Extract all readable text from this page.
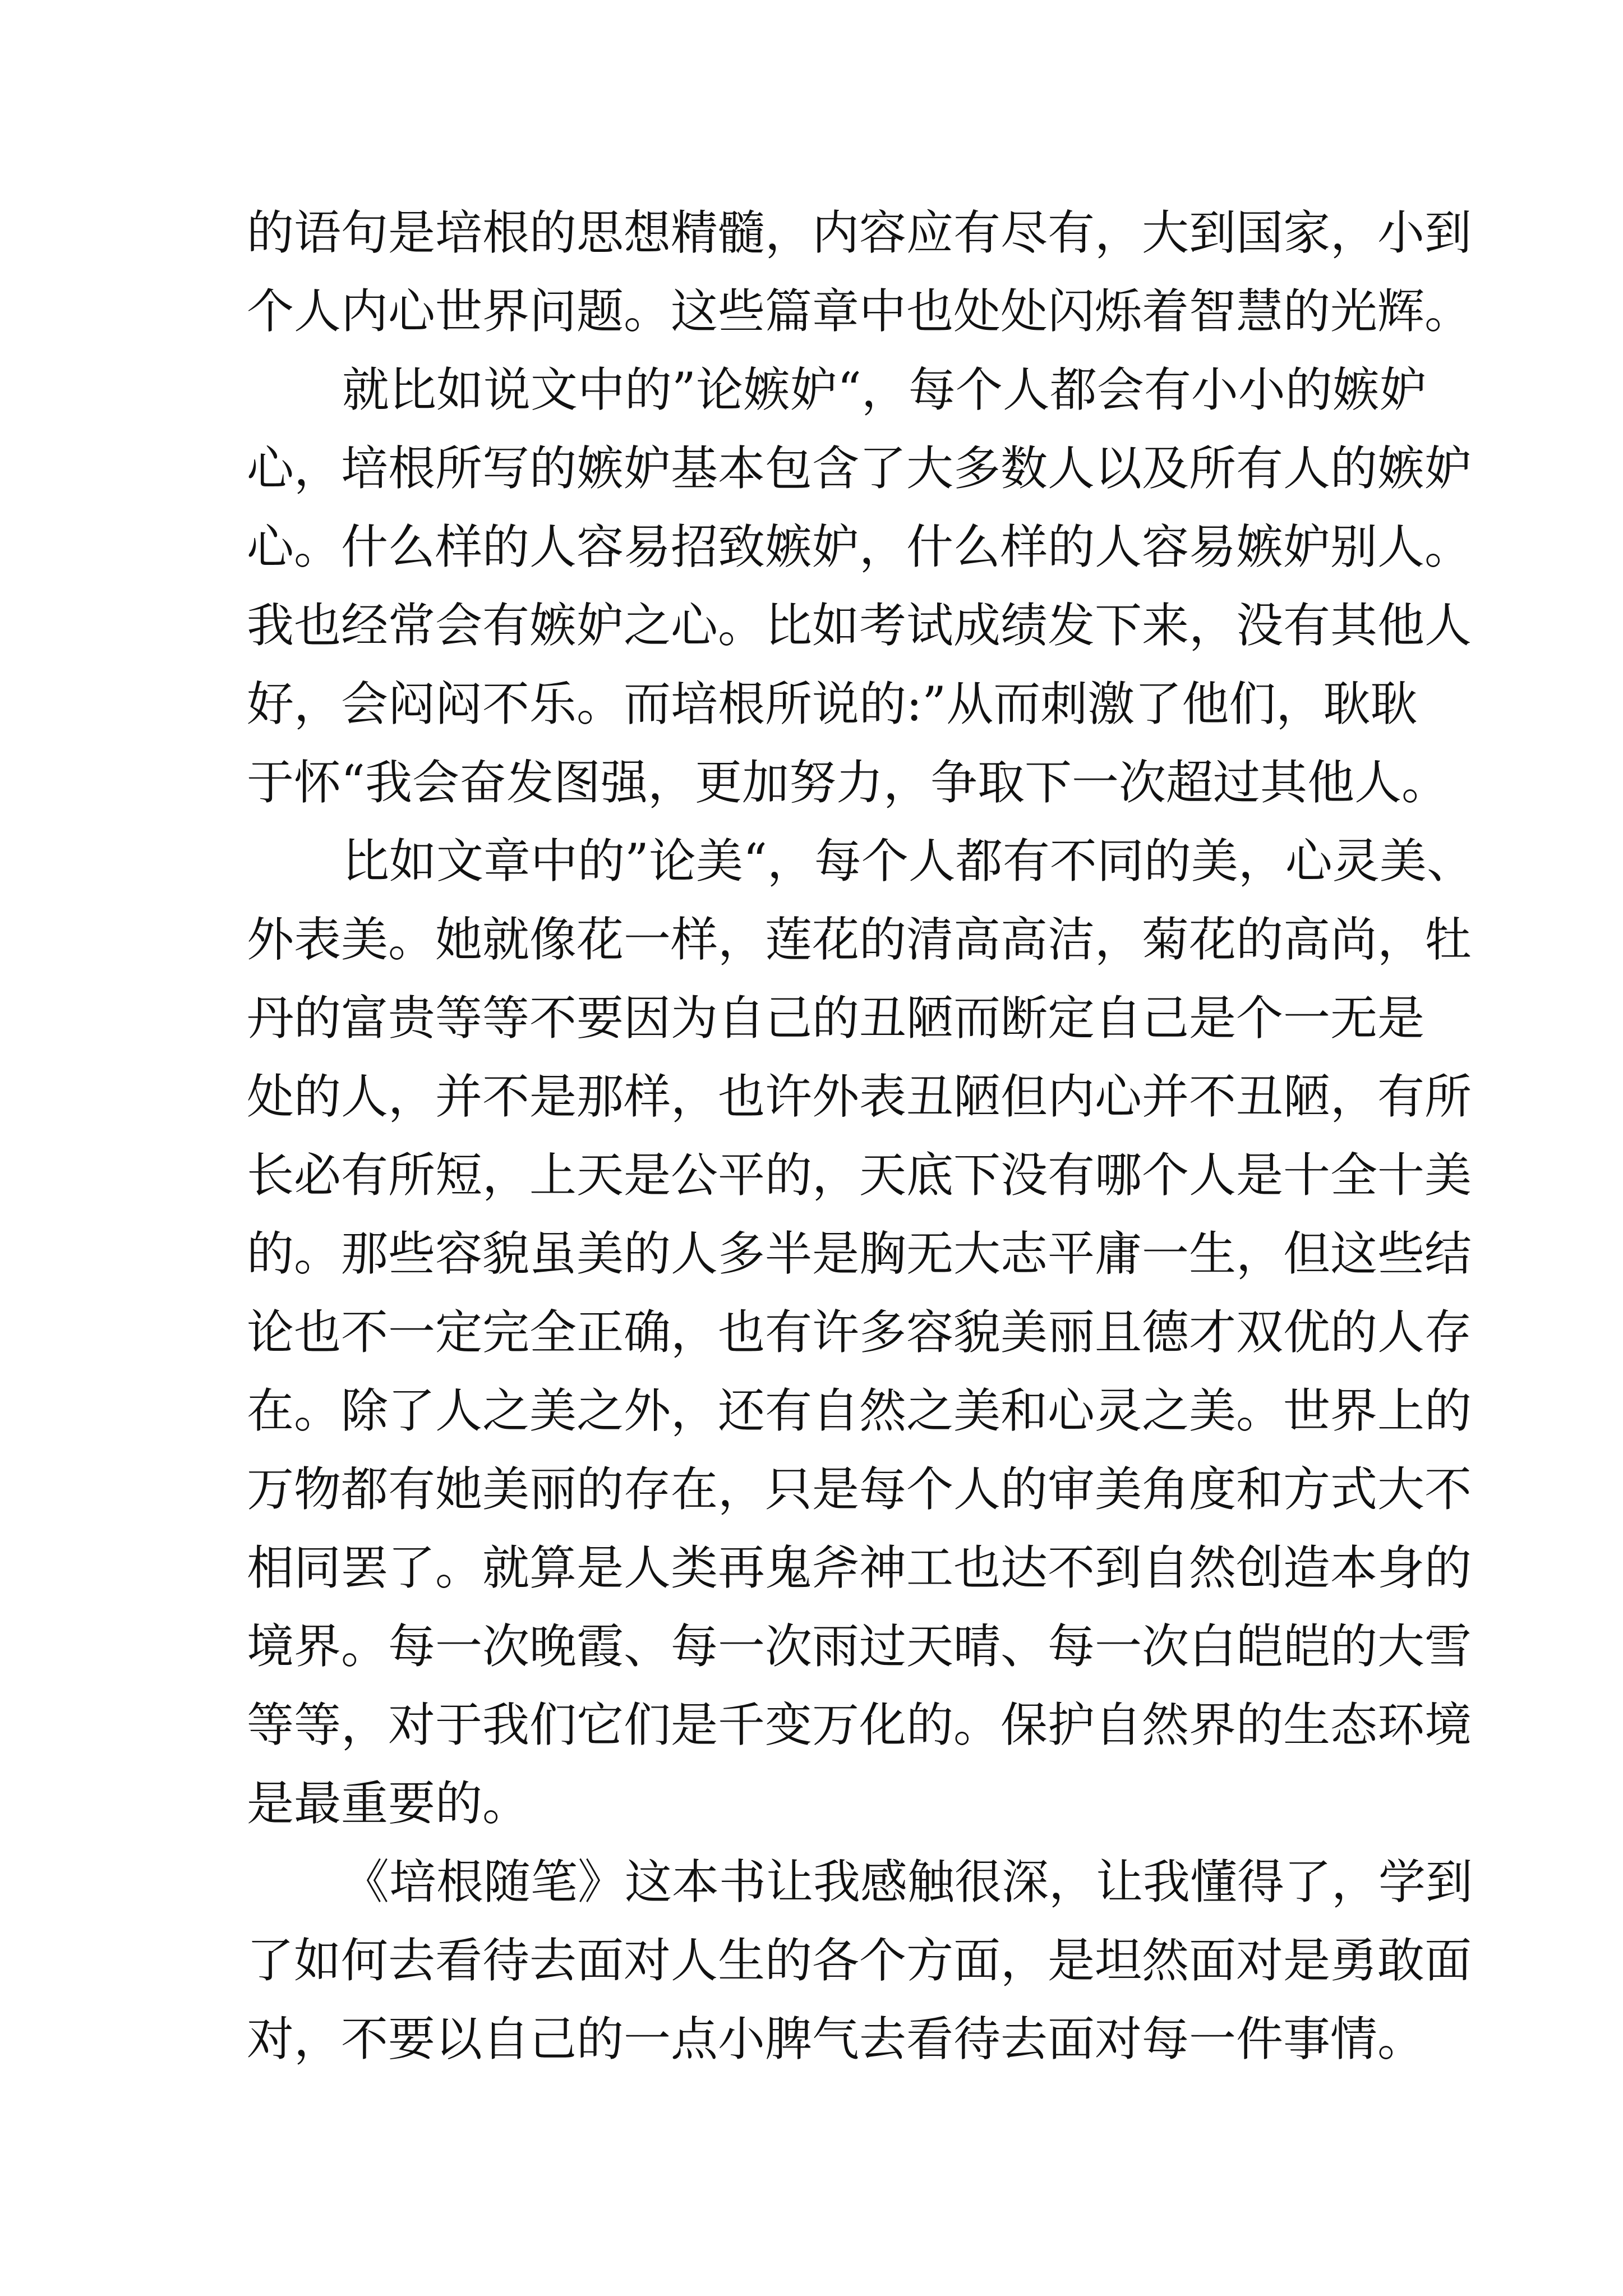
的语句是培根的思想精髓，内容应有尽有，大到国家，小到
个人内心世界问题。这些篇章中也处处闪烁着智慧的光辉。
就比如说文中的”论嫉妒“，每个人都会有小小的嫉妒
心，培根所写的嫉妒基本包含了大多数人以及所有人的嫉妒
心。什么样的人容易招致嫉妒，什么样的人容易嫉妒别人。
我也经常会有嫉妒之心。比如考试成绩发下来，没有其他人
好，会闷闷不乐。而培根所说的:”从而刺激了他们，耿耿
于怀“我会奋发图强，更加努力，争取下一次超过其他人。
比如文章中的”论美“，每个人都有不同的美，心灵美、
外表美。她就像花一样，莲花的清高高洁，菊花的高尚，牡
丹的富贵等等不要因为自己的丑陋而断定自己是个一无是
处的人，并不是那样，也许外表丑陋但内心并不丑陋，有所
长必有所短，上天是公平的，天底下没有哪个人是十全十美
的。那些容貌虽美的人多半是胸无大志平庸一生，但这些结
论也不一定完全正确，也有许多容貌美丽且德才双优的人存
在。除了人之美之外，还有自然之美和心灵之美。世界上的
万物都有她美丽的存在，只是每个人的审美角度和方式大不
相同罢了。就算是人类再鬼斧神工也达不到自然创造本身的
境界。每一次晚霞、每一次雨过天晴、每一次白皑皑的大雪
等等，对于我们它们是千变万化的。保护自然界的生态环境
是最重要的。
《培根随笔》这本书让我感触很深，让我懂得了，学到
了如何去看待去面对人生的各个方面，是坦然面对是勇敢面
对，不要以自己的一点小脾气去看待去面对每一件事情。
